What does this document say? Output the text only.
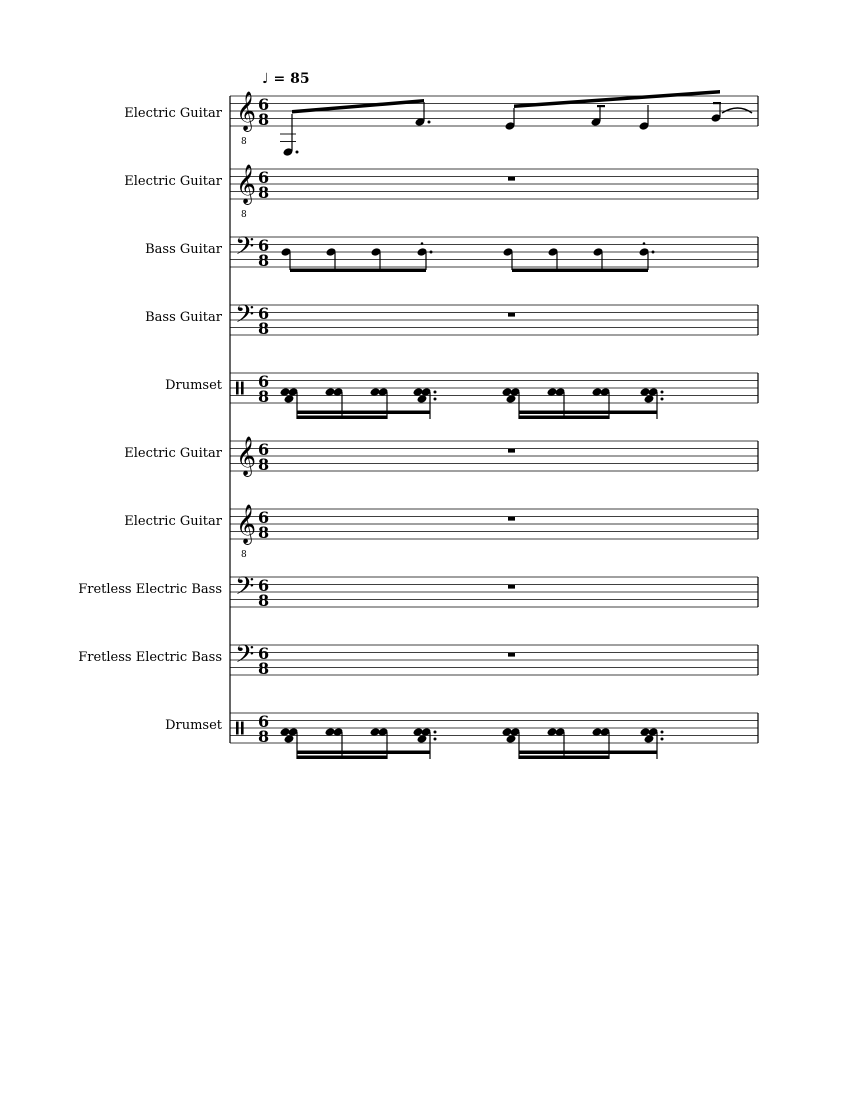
♩ = 85
Electric Guitar
Electric Guitar
Bass Guitar
Bass Guitar
Drumset
Electric Guitar
Electric Guitar
Fretless Electric Bass
Fretless Electric Bass
Drumset
𝄞
8
6
8
𝄞
8
6
8
𝄢 6
8
𝄢 6
8
6
8
𝄞 6
8
𝄞
8
6
8
𝄢 6
8
𝄢 6
8
6
8
